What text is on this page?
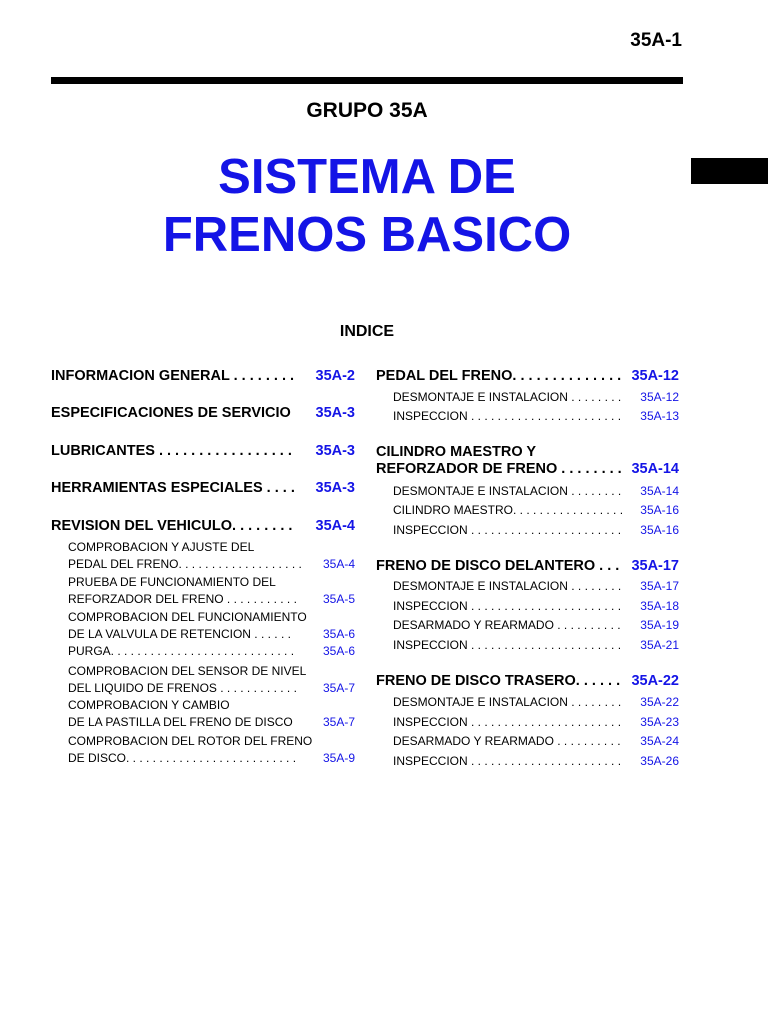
35A-1
GRUPO 35A
SISTEMA DE
FRENOS BASICO
INDICE
INFORMACION GENERAL . . . . . . . .	35A-2
ESPECIFICACIONES DE SERVICIO	35A-3
LUBRICANTES . . . . . . . . . . . . . . . . .	35A-3
HERRAMIENTAS ESPECIALES . . . .	35A-3
REVISION DEL VEHICULO. . . . . . . .	35A-4
COMPROBACION Y AJUSTE DEL
PEDAL DEL FRENO. . . . . . . . . . . . . . . . . . .	35A-4
PRUEBA DE FUNCIONAMIENTO DEL
REFORZADOR DEL FRENO . . . . . . . . . . .	35A-5
COMPROBACION DEL FUNCIONAMIENTO
DE LA VALVULA DE RETENCION . . . . . .	35A-6
PURGA. . . . . . . . . . . . . . . . . . . . . . . . . . . .	35A-6
COMPROBACION DEL SENSOR DE NIVEL
DEL LIQUIDO DE FRENOS . . . . . . . . . . . .	35A-7
COMPROBACION Y CAMBIO
DE LA PASTILLA DEL FRENO DE DISCO	35A-7
COMPROBACION DEL ROTOR DEL FRENO
DE DISCO. . . . . . . . . . . . . . . . . . . . . . . . . .	35A-9
PEDAL DEL FRENO. . . . . . . . . . . . . . 35A-12
DESMONTAJE E INSTALACION . . . . . . . .	35A-12
INSPECCION . . . . . . . . . . . . . . . . . . . . . . .	35A-13
CILINDRO MAESTRO Y
REFORZADOR DE FRENO . . . . . . . . 35A-14
DESMONTAJE E INSTALACION . . . . . . . .	35A-14
CILINDRO MAESTRO. . . . . . . . . . . . . . . . .	35A-16
INSPECCION . . . . . . . . . . . . . . . . . . . . . . .	35A-16
FRENO DE DISCO DELANTERO . . . 35A-17
DESMONTAJE E INSTALACION . . . . . . . .	35A-17
INSPECCION . . . . . . . . . . . . . . . . . . . . . . .	35A-18
DESARMADO Y REARMADO . . . . . . . . . .	35A-19
INSPECCION . . . . . . . . . . . . . . . . . . . . . . .	35A-21
FRENO DE DISCO TRASERO. . . . . . 35A-22
DESMONTAJE E INSTALACION . . . . . . . .	35A-22
INSPECCION . . . . . . . . . . . . . . . . . . . . . . .	35A-23
DESARMADO Y REARMADO . . . . . . . . . .	35A-24
INSPECCION . . . . . . . . . . . . . . . . . . . . . . .	35A-26
